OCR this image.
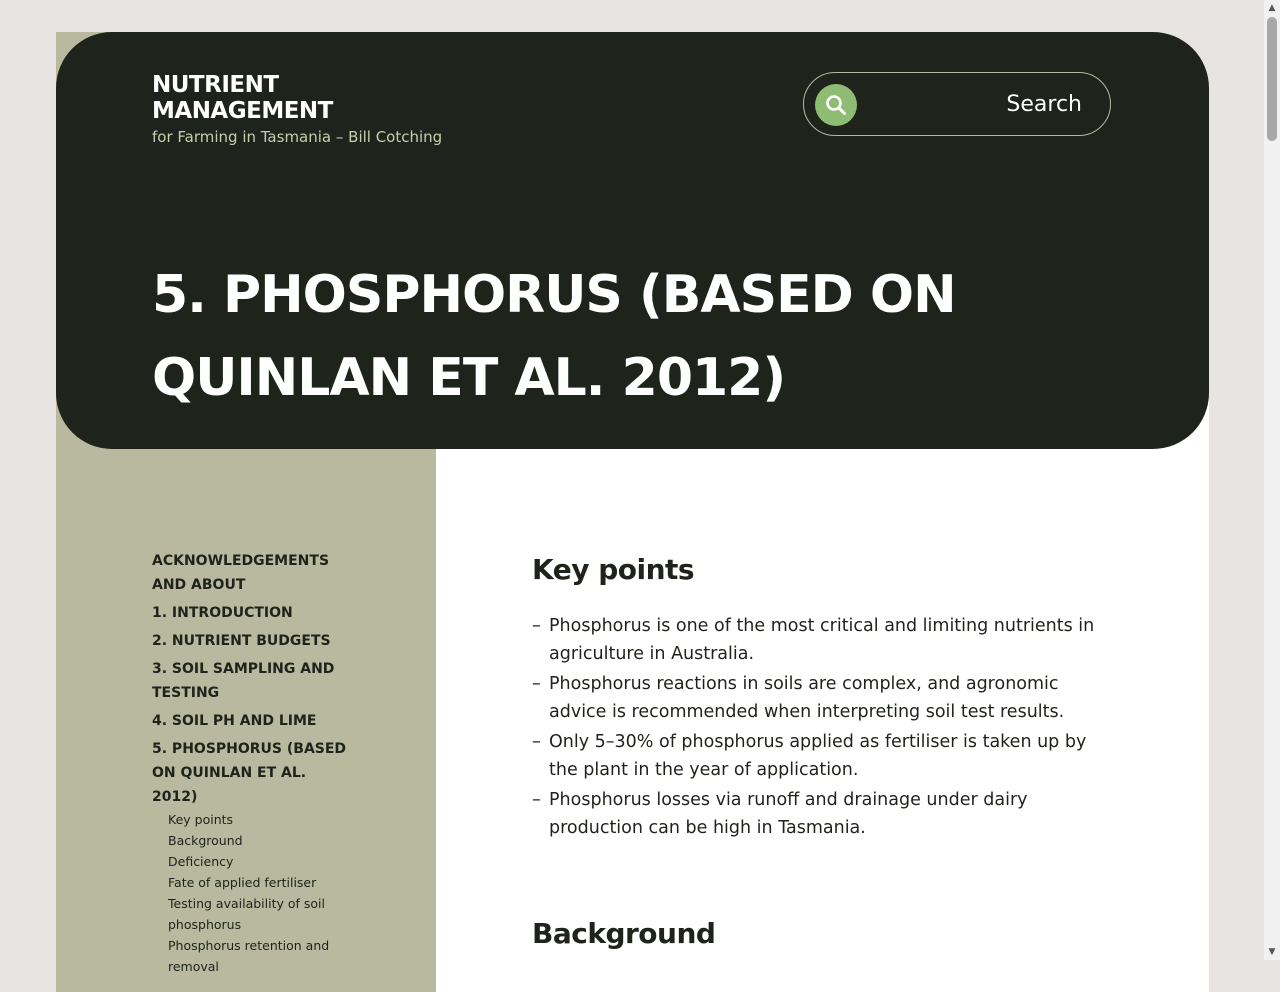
ACKNOWLEDGEMENTS AND ABOUT
1. INTRODUCTION
2. NUTRIENT BUDGETS
3. SOIL SAMPLING AND TESTING
4. SOIL PH AND LIME
5. PHOSPHORUS (BASED ON QUINLAN ET AL. 2012)
Key points
Background
Deficiency
Fate of applied fertiliser
Testing availability of soil phosphorus
Phosphorus retention and removal
NUTRIENT
MANAGEMENT
for Farming in Tasmania – Bill Cotching
Search
5. PHOSPHORUS (BASED ON QUINLAN ET AL. 2012)
Key points
– Phosphorus is one of the most critical and limiting nutrients in agriculture in Australia.
– Phosphorus reactions in soils are complex, and agronomic advice is recommended when interpreting soil test results.
– Only 5–30% of phosphorus applied as fertiliser is taken up by the plant in the year of application.
– Phosphorus losses via runoff and drainage under dairy production can be high in Tasmania.
Background
▲
▼
